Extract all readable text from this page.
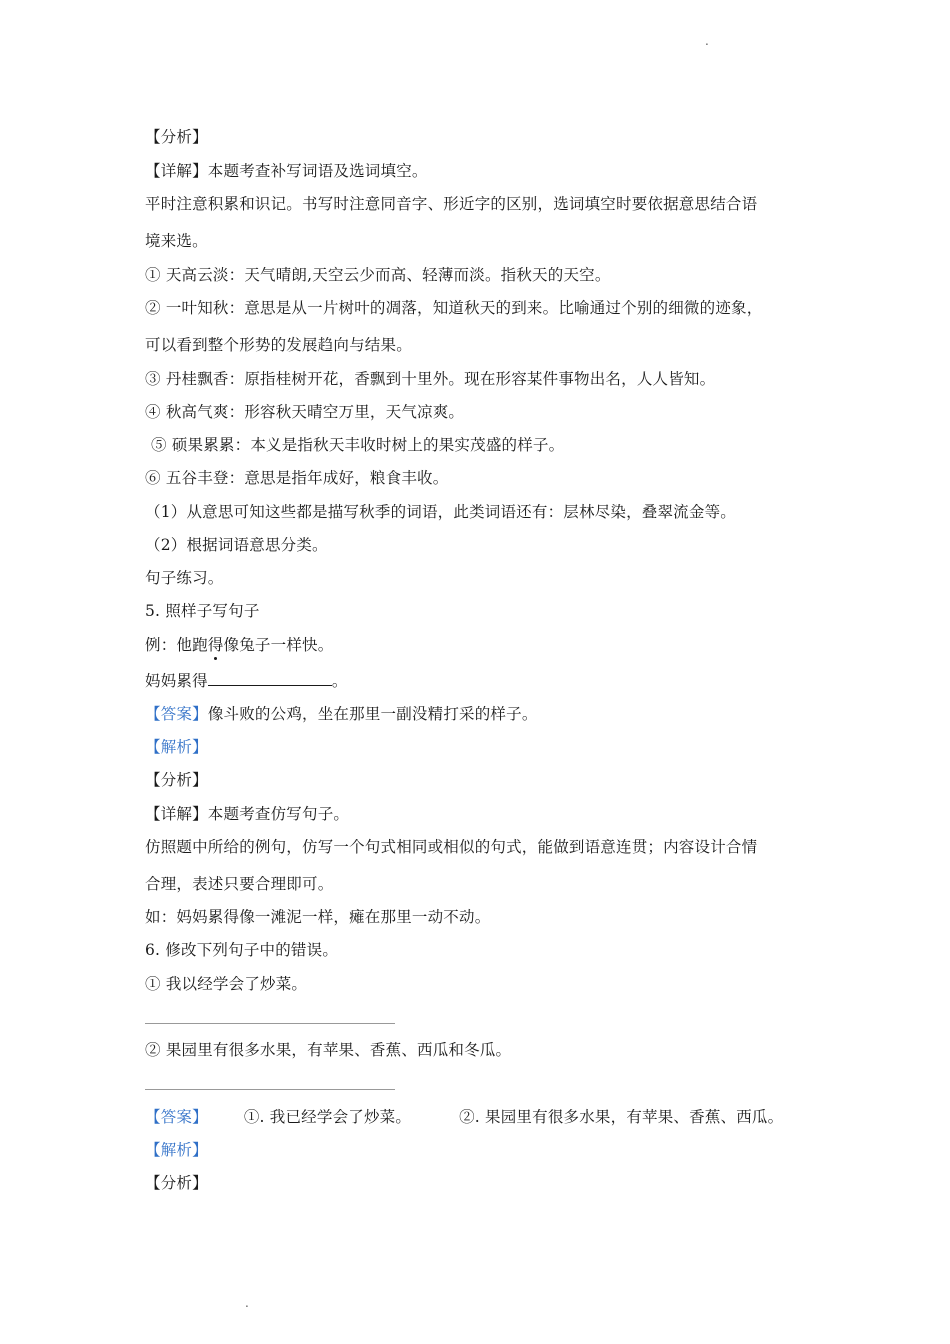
.
【分析】
【详解】本题考查补写词语及选词填空。
平时注意积累和识记。书写时注意同音字、形近字的区别，选词填空时要依据意思结合语
境来选。
① 天高云淡：天气晴朗,天空云少而高、轻薄而淡。指秋天的天空。
② 一叶知秋：意思是从一片树叶的凋落，知道秋天的到来。比喻通过个别的细微的迹象，
可以看到整个形势的发展趋向与结果。
③ 丹桂飘香：原指桂树开花，香飘到十里外。现在形容某件事物出名，人人皆知。
④ 秋高气爽：形容秋天晴空万里，天气凉爽。
⑤ 硕果累累：本义是指秋天丰收时树上的果实茂盛的样子。
⑥ 五谷丰登：意思是指年成好，粮食丰收。
（1）从意思可知这些都是描写秋季的词语，此类词语还有：层林尽染，叠翠流金等。
（2）根据词语意思分类。
句子练习。
5. 照样子写句子
例：他跑得像兔子一样快。
妈妈累得	。
【答案】像斗败的公鸡，坐在那里一副没精打采的样子。
【解析】
【分析】
【详解】本题考查仿写句子。
仿照题中所给的例句，仿写一个句式相同或相似的句式，能做到语意连贯；内容设计合情
合理，表述只要合理即可。
如：妈妈累得像一滩泥一样，瘫在那里一动不动。
6. 修改下列句子中的错误。
① 我以经学会了炒菜。
② 果园里有很多水果，有苹果、香蕉、西瓜和冬瓜。
【答案】 ①. 我已经学会了炒菜。	②. 果园里有很多水果，有苹果、香蕉、西瓜。
【解析】
【分析】
.
